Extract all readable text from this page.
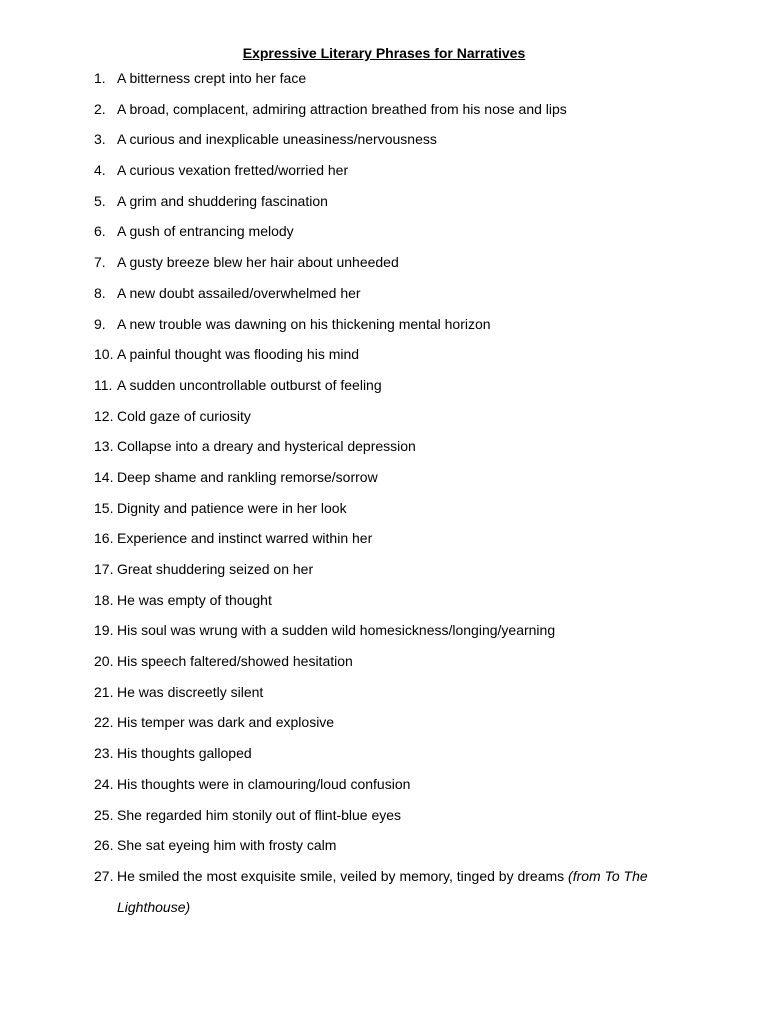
Expressive Literary Phrases for Narratives
1. A bitterness crept into her face
2. A broad, complacent, admiring attraction breathed from his nose and lips
3. A curious and inexplicable uneasiness/nervousness
4. A curious vexation fretted/worried her
5. A grim and shuddering fascination
6. A gush of entrancing melody
7. A gusty breeze blew her hair about unheeded
8. A new doubt assailed/overwhelmed her
9. A new trouble was dawning on his thickening mental horizon
10. A painful thought was flooding his mind
11. A sudden uncontrollable outburst of feeling
12. Cold gaze of curiosity
13. Collapse into a dreary and hysterical depression
14. Deep shame and rankling remorse/sorrow
15. Dignity and patience were in her look
16. Experience and instinct warred within her
17. Great shuddering seized on her
18. He was empty of thought
19. His soul was wrung with a sudden wild homesickness/longing/yearning
20. His speech faltered/showed hesitation
21. He was discreetly silent
22. His temper was dark and explosive
23. His thoughts galloped
24. His thoughts were in clamouring/loud confusion
25. She regarded him stonily out of flint-blue eyes
26. She sat eyeing him with frosty calm
27. He smiled the most exquisite smile, veiled by memory, tinged by dreams (from To The Lighthouse)
